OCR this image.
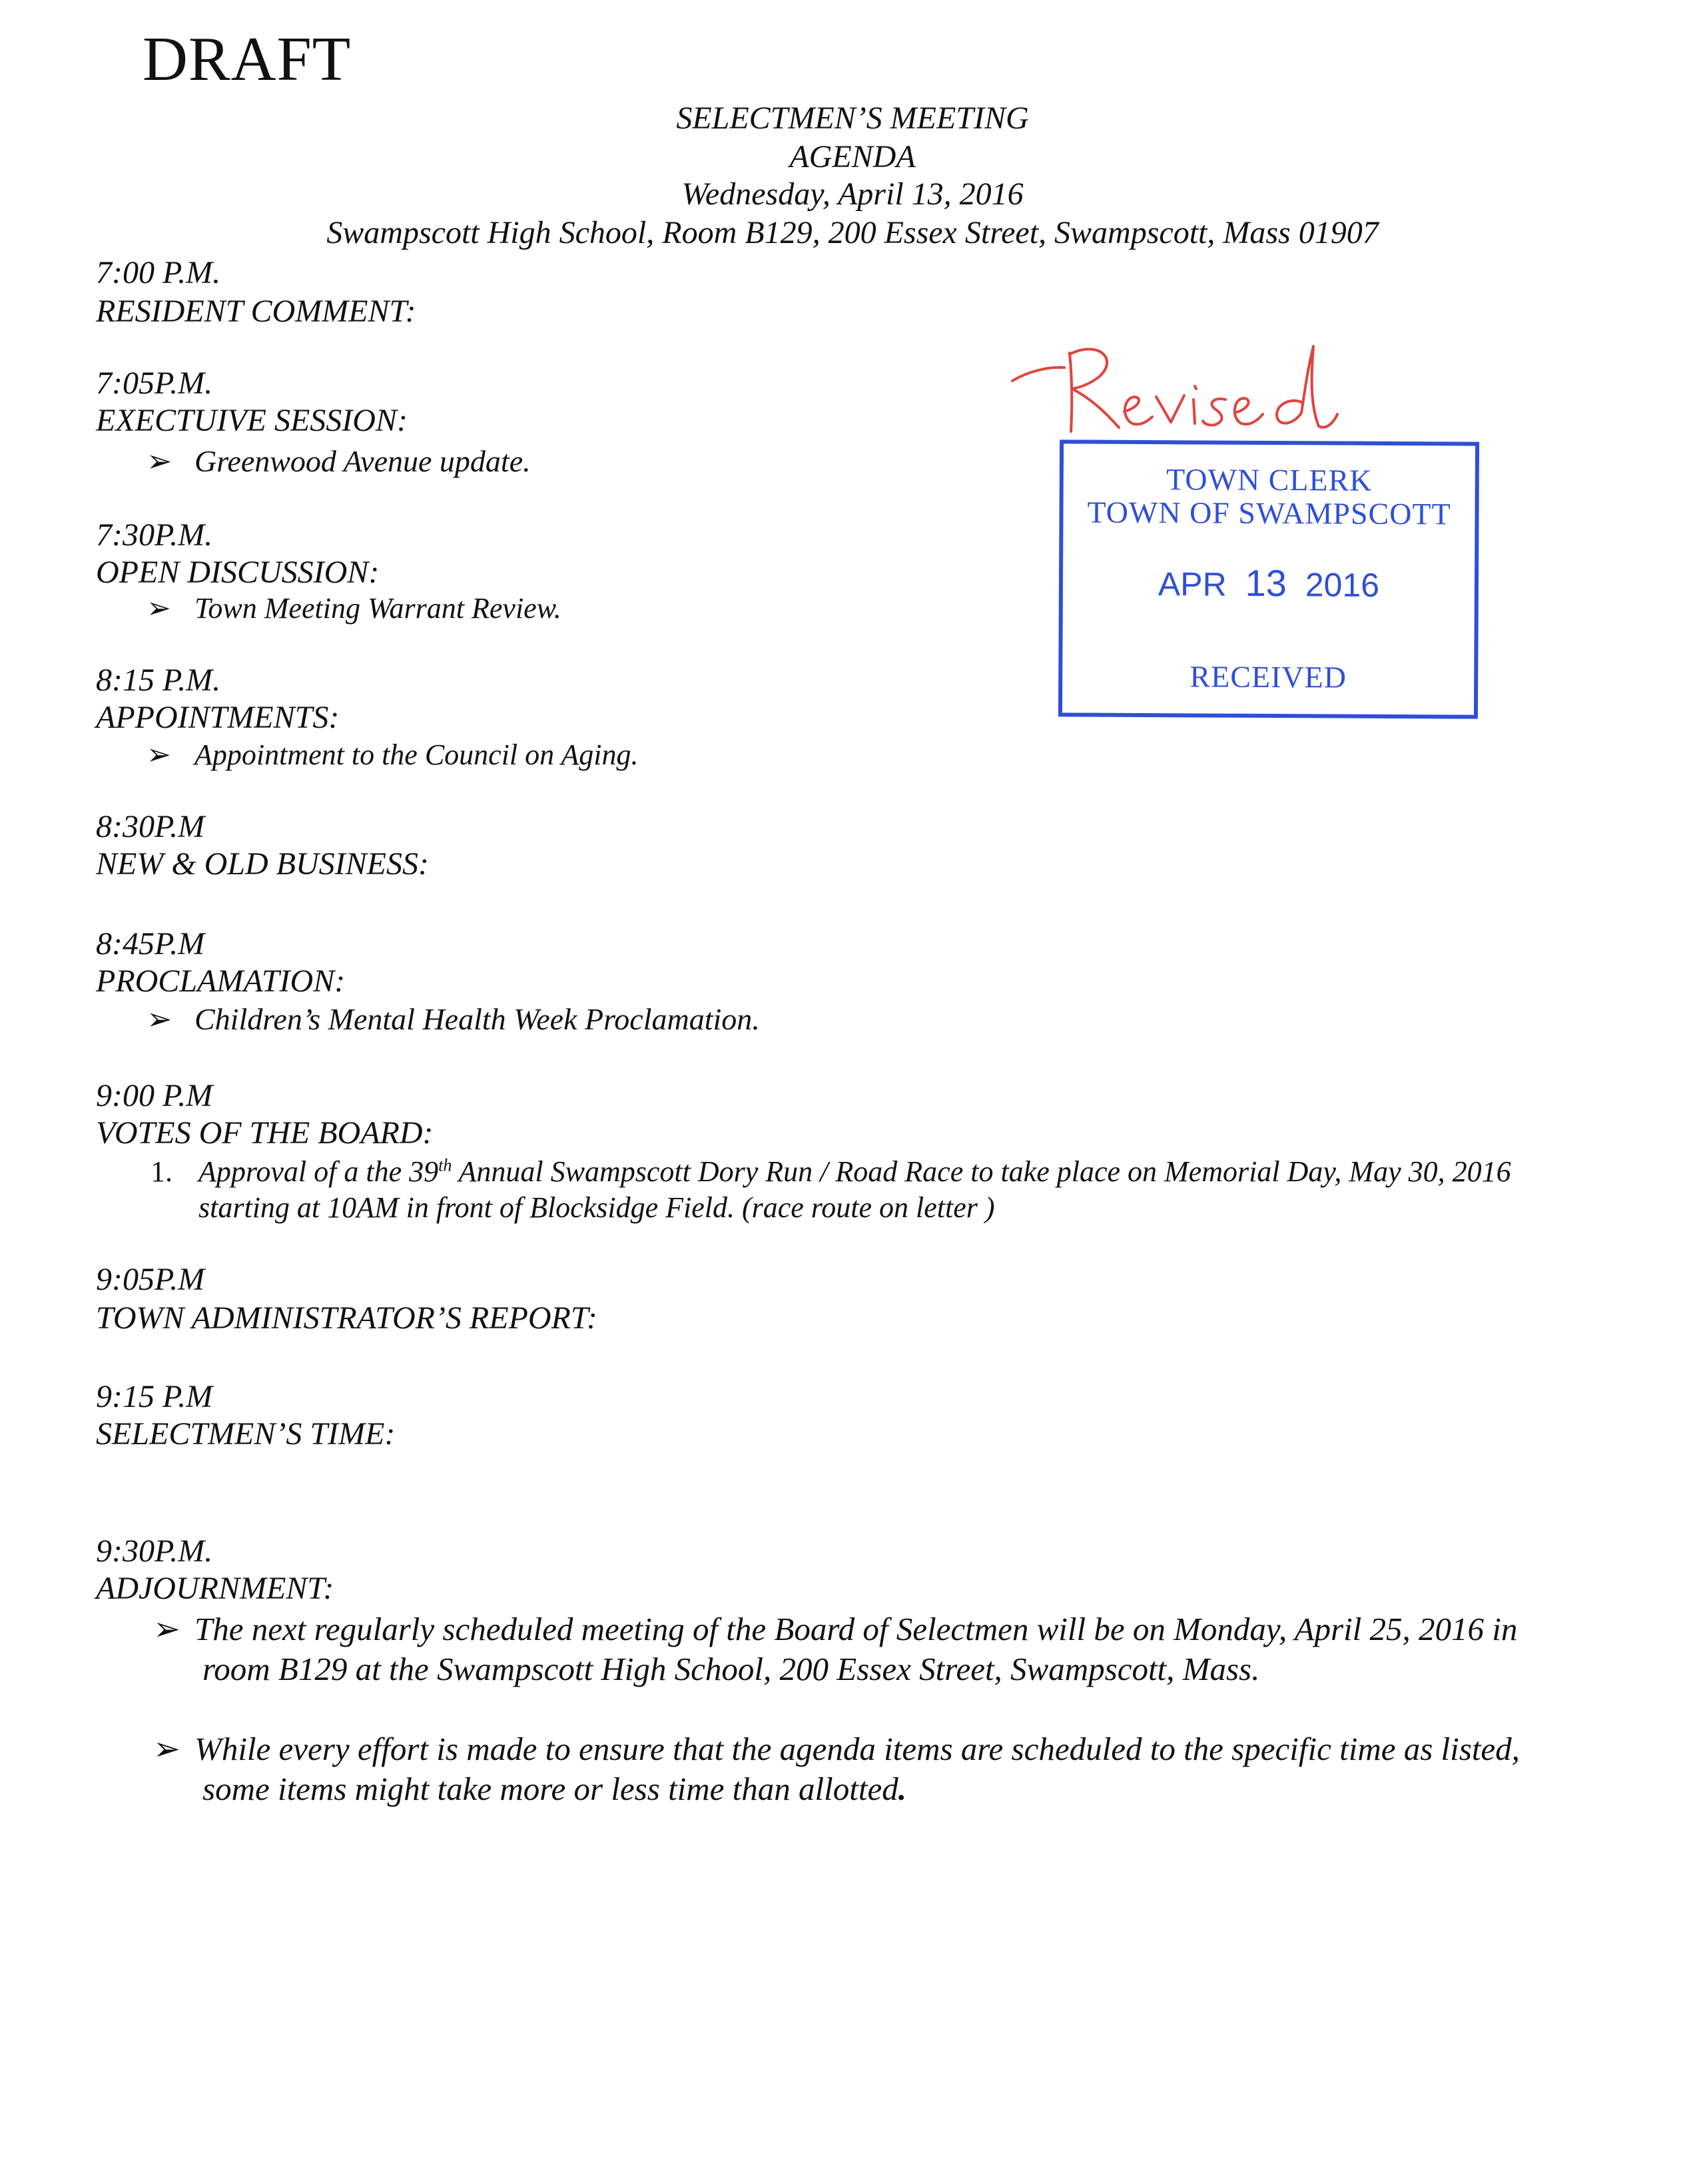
DRAFT
SELECTMEN’S MEETING
AGENDA
Wednesday, April 13, 2016
Swampscott High School, Room B129, 200 Essex Street, Swampscott, Mass 01907
TOWN CLERK
TOWN OF SWAMPSCOTT
APR 13 2016
RECEIVED
7:00 P.M.
RESIDENT COMMENT:
7:05P.M.
EXECTUIVE SESSION:
➢ Greenwood Avenue update.
7:30P.M.
OPEN DISCUSSION:
➢ Town Meeting Warrant Review.
8:15 P.M.
APPOINTMENTS:
➢ Appointment to the Council on Aging.
8:30P.M
NEW & OLD BUSINESS:
8:45P.M
PROCLAMATION:
➢ Children’s Mental Health Week Proclamation.
9:00 P.M
VOTES OF THE BOARD:
1. Approval of a the 39th Annual Swampscott Dory Run / Road Race to take place on Memorial Day, May 30, 2016
starting at 10AM in front of Blocksidge Field. (race route on letter )
9:05P.M
TOWN ADMINISTRATOR’S REPORT:
9:15 P.M
SELECTMEN’S TIME:
9:30P.M.
ADJOURNMENT:
➢ The next regularly scheduled meeting of the Board of Selectmen will be on Monday, April 25, 2016 in
room B129 at the Swampscott High School, 200 Essex Street, Swampscott, Mass.
➢ While every effort is made to ensure that the agenda items are scheduled to the specific time as listed,
some items might take more or less time than allotted.
